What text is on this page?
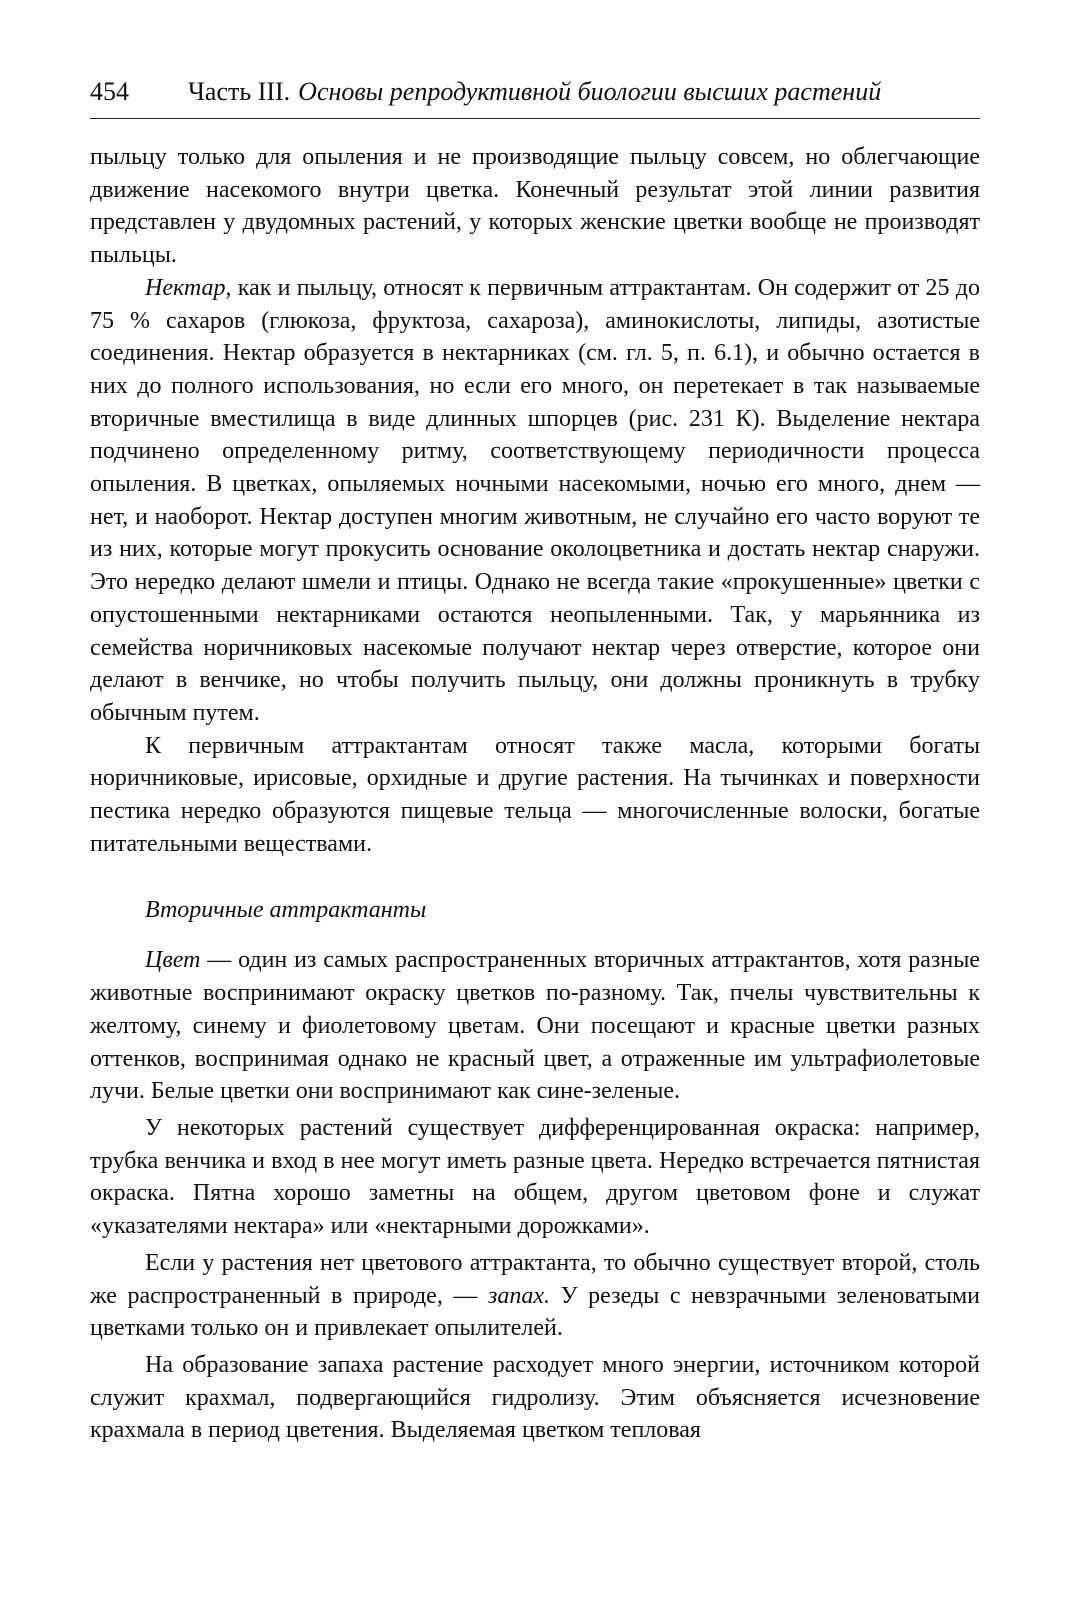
454	Часть III. Основы репродуктивной биологии высших растений

пыльцу только для опыления и не производящие пыльцу совсем, но облегчающие движение насекомого внутри цветка. Конечный результат этой линии развития представлен у двудомных растений, у которых женские цветки вообще не производят пыльцы.

Нектар, как и пыльцу, относят к первичным аттрактантам. Он содержит от 25 до 75 % сахаров (глюкоза, фруктоза, сахароза), аминокислоты, липиды, азотистые соединения. Нектар образуется в нектарниках (см. гл. 5, п. 6.1), и обычно остается в них до полного использования, но если его много, он перетекает в так называемые вторичные вместилища в виде длинных шпорцев (рис. 231 К). Выделение нектара подчинено определенному ритму, соответствующему периодичности процесса опыления. В цветках, опыляемых ночными насекомыми, ночью его много, днем — нет, и наоборот. Нектар доступен многим животным, не случайно его часто воруют те из них, которые могут прокусить основание околоцветника и достать нектар снаружи. Это нередко делают шмели и птицы. Однако не всегда такие «прокушенные» цветки с опустошенными нектарниками остаются неопыленными. Так, у марьянника из семейства норичниковых насекомые получают нектар через отверстие, которое они делают в венчике, но чтобы получить пыльцу, они должны проникнуть в трубку обычным путем.

К первичным аттрактантам относят также масла, которыми богаты норичниковые, ирисовые, орхидные и другие растения. На тычинках и поверхности пестика нередко образуются пищевые тельца — многочисленные волоски, богатые питательными веществами.

Вторичные аттрактанты

Цвет — один из самых распространенных вторичных аттрактантов, хотя разные животные воспринимают окраску цветков по-разному. Так, пчелы чувствительны к желтому, синему и фиолетовому цветам. Они посещают и красные цветки разных оттенков, воспринимая однако не красный цвет, а отраженные им ультрафиолетовые лучи. Белые цветки они воспринимают как сине-зеленые.

У некоторых растений существует дифференцированная окраска: например, трубка венчика и вход в нее могут иметь разные цвета. Нередко встречается пятнистая окраска. Пятна хорошо заметны на общем, другом цветовом фоне и служат «указателями нектара» или «нектарными дорожками».

Если у растения нет цветового аттрактанта, то обычно существует второй, столь же распространенный в природе, — запах. У резеды с невзрачными зеленоватыми цветками только он и привлекает опылителей.

На образование запаха растение расходует много энергии, источником которой служит крахмал, подвергающийся гидролизу. Этим объясняется исчезновение крахмала в период цветения. Выделяемая цветком тепловая
